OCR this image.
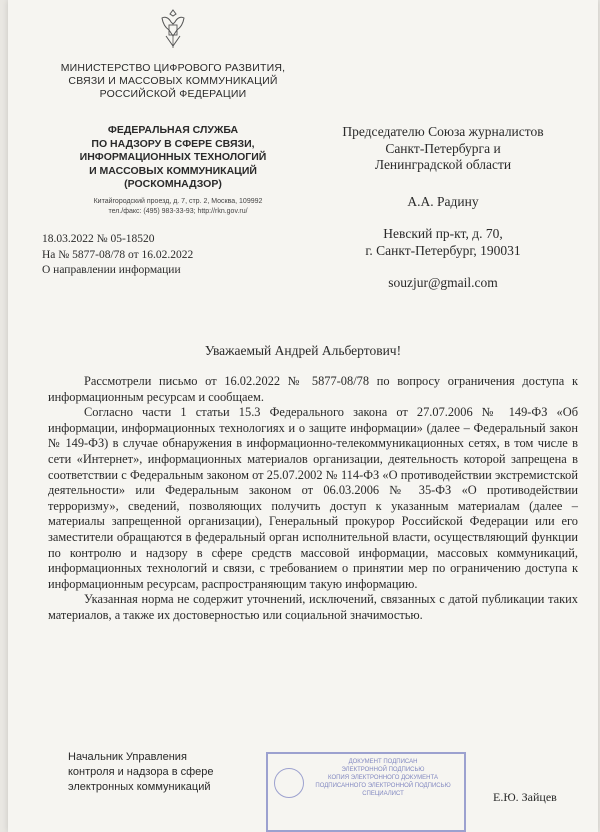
МИНИСТЕРСТВО ЦИФРОВОГО РАЗВИТИЯ,
СВЯЗИ И МАССОВЫХ КОММУНИКАЦИЙ
РОССИЙСКОЙ ФЕДЕРАЦИИ
ФЕДЕРАЛЬНАЯ СЛУЖБА
ПО НАДЗОРУ В СФЕРЕ СВЯЗИ,
ИНФОРМАЦИОННЫХ ТЕХНОЛОГИЙ
И МАССОВЫХ КОММУНИКАЦИЙ
(РОСКОМНАДЗОР)
Китайгородский проезд, д. 7, стр. 2, Москва, 109992
тел./факс: (495) 983-33-93; http://rkn.gov.ru/
18.03.2022 № 05-18520
На № 5877-08/78 от 16.02.2022
О направлении информации
Председателю Союза журналистов
Санкт-Петербурга и
Ленинградской области
А.А. Радину
Невский пр-кт, д. 70,
г. Санкт-Петербург, 190031
souzjur@gmail.com
Уважаемый Андрей Альбертович!

Рассмотрели письмо от 16.02.2022 № 5877-08/78 по вопросу ограничения доступа к информационным ресурсам и сообщаем.

Согласно части 1 статьи 15.3 Федерального закона от 27.07.2006 № 149-ФЗ «Об информации, информационных технологиях и о защите информации» (далее – Федеральный закон № 149-ФЗ) в случае обнаружения в информационно-телекоммуникационных сетях, в том числе в сети «Интернет», информационных материалов организации, деятельность которой запрещена в соответствии с Федеральным законом от 25.07.2002 № 114-ФЗ «О противодействии экстремистской деятельности» или Федеральным законом от 06.03.2006 № 35-ФЗ «О противодействии терроризму», сведений, позволяющих получить доступ к указанным материалам (далее – материалы запрещенной организации), Генеральный прокурор Российской Федерации или его заместители обращаются в федеральный орган исполнительной власти, осуществляющий функции по контролю и надзору в сфере средств массовой информации, массовых коммуникаций, информационных технологий и связи, с требованием о принятии мер по ограничению доступа к информационным ресурсам, распространяющим такую информацию.

Указанная норма не содержит уточнений, исключений, связанных с датой публикации таких материалов, а также их достоверностью или социальной значимостью.

Начальник Управления
контроля и надзора в сфере
электронных коммуникаций
ДОКУМЕНТ ПОДПИСАН
ЭЛЕКТРОННОЙ ПОДПИСЬЮ
КОПИЯ ЭЛЕКТРОННОГО ДОКУМЕНТА
ПОДПИСАННОГО ЭЛЕКТРОННОЙ ПОДПИСЬЮ
СПЕЦИАЛИСТ	Е.Ю. Зайцев
